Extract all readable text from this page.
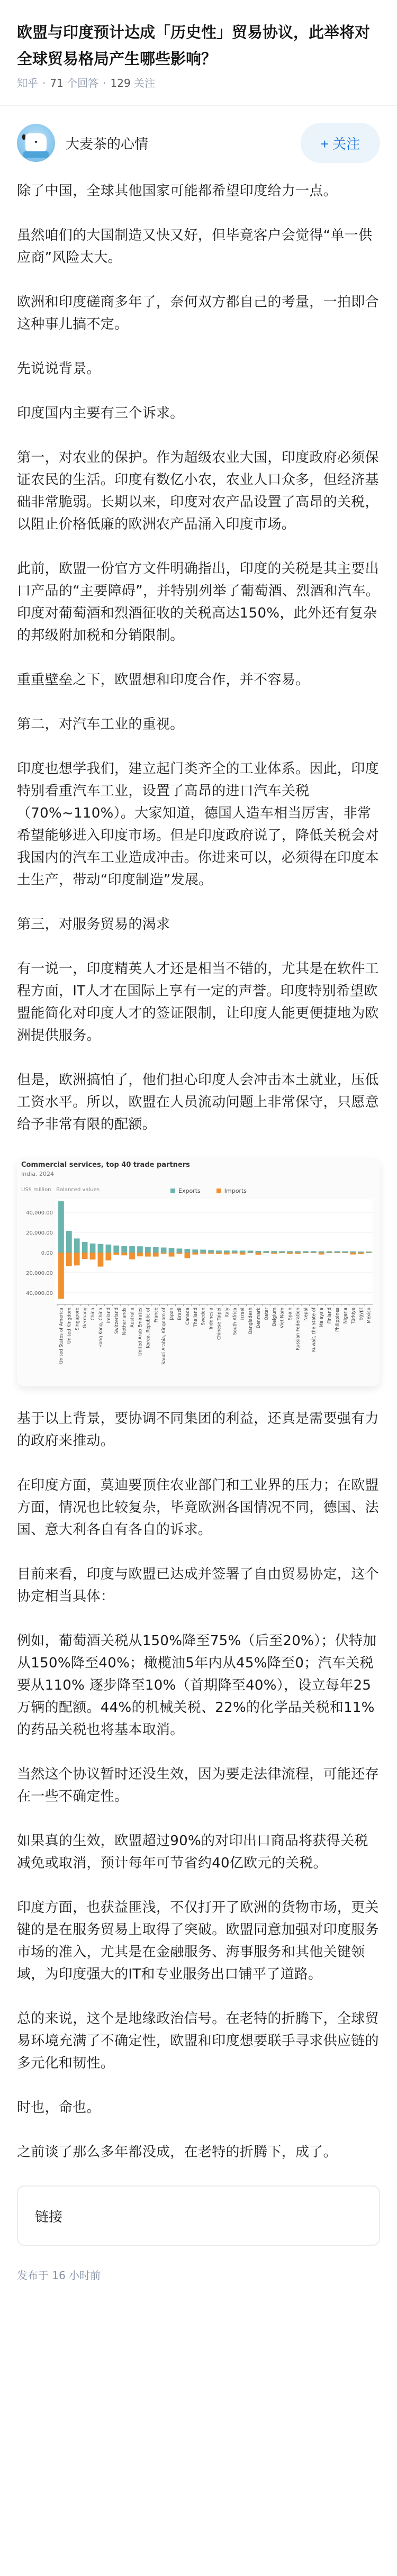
欧盟与印度预计达成「历史性」贸易协议，此举将对全球贸易格局产生哪些影响？
知乎 · 71 个回答 · 129 关注
大麦茶的心情	+ 关注

除了中国，全球其他国家可能都希望印度给力一点。

虽然咱们的大国制造又快又好，但毕竟客户会觉得“单一供应商”风险太大。

欧洲和印度磋商多年了，奈何双方都自己的考量，一拍即合这种事儿搞不定。

先说说背景。

印度国内主要有三个诉求。

第一，对农业的保护。作为超级农业大国，印度政府必须保证农民的生活。印度有数亿小农，农业人口众多，但经济基础非常脆弱。长期以来，印度对农产品设置了高昂的关税，以阻止价格低廉的欧洲农产品涌入印度市场。

此前，欧盟一份官方文件明确指出，印度的关税是其主要出口产品的“主要障碍”，并特别列举了葡萄酒、烈酒和汽车。印度对葡萄酒和烈酒征收的关税高达150%，此外还有复杂的邦级附加税和分销限制。

重重壁垒之下，欧盟想和印度合作，并不容易。

第二，对汽车工业的重视。

印度也想学我们，建立起门类齐全的工业体系。因此，印度特别看重汽车工业，设置了高昂的进口汽车关税（70%~110%）。大家知道，德国人造车相当厉害，非常希望能够进入印度市场。但是印度政府说了，降低关税会对我国内的汽车工业造成冲击。你进来可以，必须得在印度本土生产，带动“印度制造”发展。

第三，对服务贸易的渴求

有一说一，印度精英人才还是相当不错的，尤其是在软件工程方面，IT人才在国际上享有一定的声誉。印度特别希望欧盟能简化对印度人才的签证限制，让印度人能更便捷地为欧洲提供服务。

但是，欧洲搞怕了，他们担心印度人会冲击本土就业，压低工资水平。所以，欧盟在人员流动问题上非常保守，只愿意给予非常有限的配额。

Commercial services, top 40 trade partners
India, 2024
US$ million Balanced values	Exports	Imports
40,000.00
20,000.00
0.00
20,000.00
40,000.00
United States of America United Kingdom Singapore Germany China Hong Kong, China Ireland Switzerland Netherlands Australia United Arab Emirates Korea, Republic of France Saudi Arabia, Kingdom of Japan Brazil Canada Thailand Sweden Indonesia Chinese Taipei Italy South Africa Israel Bangladesh Denmark Qatar Belgium Viet Nam Spain Russian Federation Nepal Kuwait, the State of Malaysia Finland Philippines Nigeria Türkiye Egypt Mexico

基于以上背景，要协调不同集团的利益，还真是需要强有力的政府来推动。

在印度方面，莫迪要顶住农业部门和工业界的压力；在欧盟方面，情况也比较复杂，毕竟欧洲各国情况不同，德国、法国、意大利各自有各自的诉求。

目前来看，印度与欧盟已达成并签署了自由贸易协定，这个协定相当具体：

例如，葡萄酒关税从150%降至75%（后至20%）；伏特加从150%降至40%；橄榄油5年内从45%降至0；汽车关税要从110% 逐步降至10%（首期降至40%），设立每年25万辆的配额。44%的机械关税、22%的化学品关税和11%的药品关税也将基本取消。

当然这个协议暂时还没生效，因为要走法律流程，可能还存在一些不确定性。

如果真的生效，欧盟超过90%的对印出口商品将获得关税减免或取消，预计每年可节省约40亿欧元的关税。

印度方面，也获益匪浅，不仅打开了欧洲的货物市场，更关键的是在服务贸易上取得了突破。欧盟同意加强对印度服务市场的准入，尤其是在金融服务、海事服务和其他关键领域，为印度强大的IT和专业服务出口铺平了道路。

总的来说，这个是地缘政治信号。在老特的折腾下，全球贸易环境充满了不确定性，欧盟和印度想要联手寻求供应链的多元化和韧性。

时也，命也。

之前谈了那么多年都没成，在老特的折腾下，成了。

链接
发布于 16 小时前
